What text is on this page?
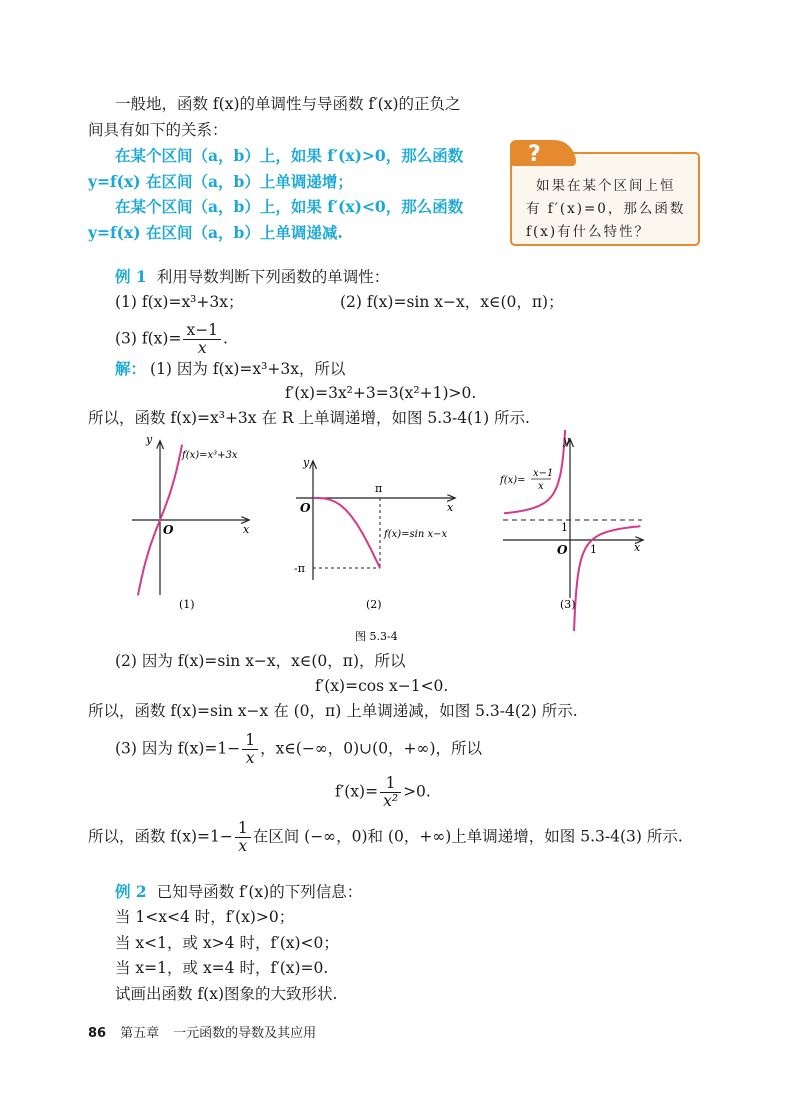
一般地，函数 f(x)的单调性与导函数 f′(x)的正负之
间具有如下的关系：
在某个区间（a，b）上，如果 f′(x)>0，那么函数
y=f(x) 在区间（a，b）上单调递增；
在某个区间（a，b）上，如果 f′(x)<0，那么函数
y=f(x) 在区间（a，b）上单调递减.
?
如果在某个区间上恒
有 f′(x)=0，那么函数
f(x)有什么特性？
例 1 利用导数判断下列函数的单调性：
(1) f(x)=x³+3x；	(2) f(x)=sin x−x，x∈(0，π)；
(3) $f(x)= \frac{x-1}{x}$ .
解： (1) 因为 f(x)=x³+3x，所以
f′(x)=3x²+3=3(x²+1)>0.
所以，函数 f(x)=x³+3x 在 R 上单调递增，如图 5.3-4(1) 所示.
y
x
O
f(x)=x³+3x
(1)
y
x
O
π
-π
f(x)=sin x−x
(2)
y
x
O
1
1
f(x)=
x−1
x
(3)
图 5.3-4
(2) 因为 f(x)=sin x−x，x∈(0，π)，所以
f′(x)=cos x−1<0.
所以，函数 f(x)=sin x−x 在 (0，π) 上单调递减，如图 5.3-4(2) 所示.
(3) 因为 $f(x)=1- \frac{1}{x}$ ，x∈(−∞，0)∪(0，+∞)，所以
$f'(x)= \frac{1}{\text{x²}} >0$.
所以，函数 $f(x)=1- \frac{1}{x}$ 在区间 (−∞，0)和 (0，+∞)上单调递增，如图 5.3-4(3) 所示.
例 2 已知导函数 f′(x)的下列信息：
当 1<x<4 时，f′(x)>0；
当 x<1，或 x>4 时，f′(x)<0；
当 x=1，或 x=4 时，f′(x)=0.
试画出函数 f(x)图象的大致形状.
86 第五章 一元函数的导数及其应用
